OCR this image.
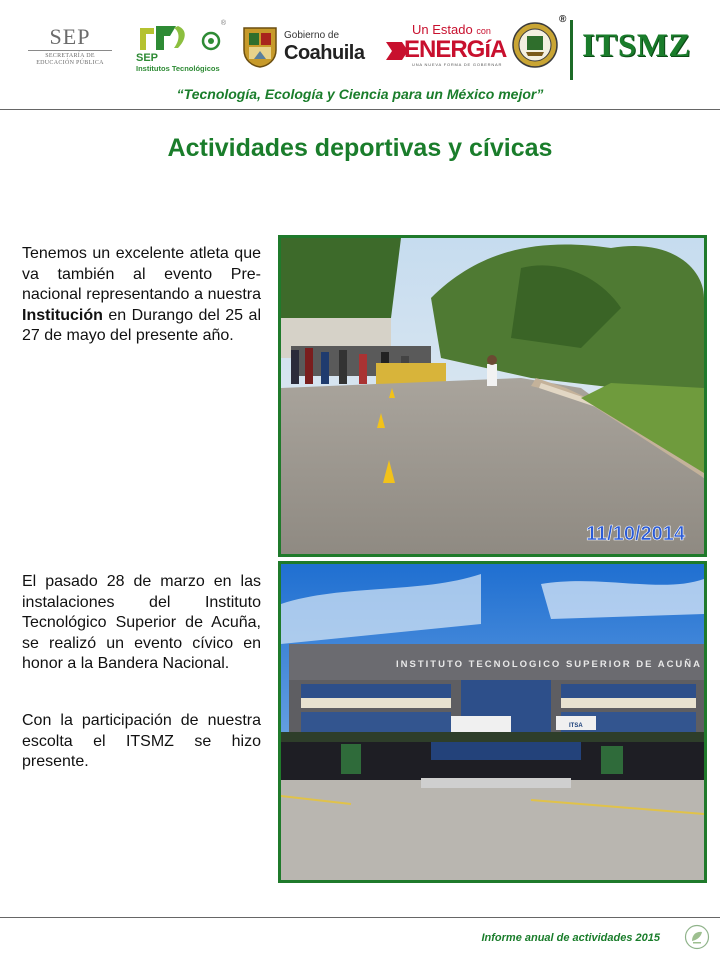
SEP
SECRETARÍA DE
EDUCACIÓN PÚBLICA	SEP
Institutos Tecnológicos
®
Gobierno de
Coahuila
Un Estado con
ENERGíA
UNA NUEVA FORMA DE GOBERNAR
®
ITSMZ
“Tecnología, Ecología y Ciencia para un México mejor”
Actividades deportivas y cívicas

Tenemos un excelente atleta que va también al evento Pre-nacional representando a nuestra Institución en Durango del 25 al 27 de mayo del presente año.

11/10/2014

El pasado 28 de marzo en las instalaciones del Instituto Tecnológico Superior de Acuña, se realizó un evento cívico en honor a la Bandera Nacional.

Con la participación de nuestra escolta el ITSMZ se hizo presente.

INSTITUTO TECNOLOGICO SUPERIOR DE ACUÑA
ITSA
Informe anual de actividades 2015
